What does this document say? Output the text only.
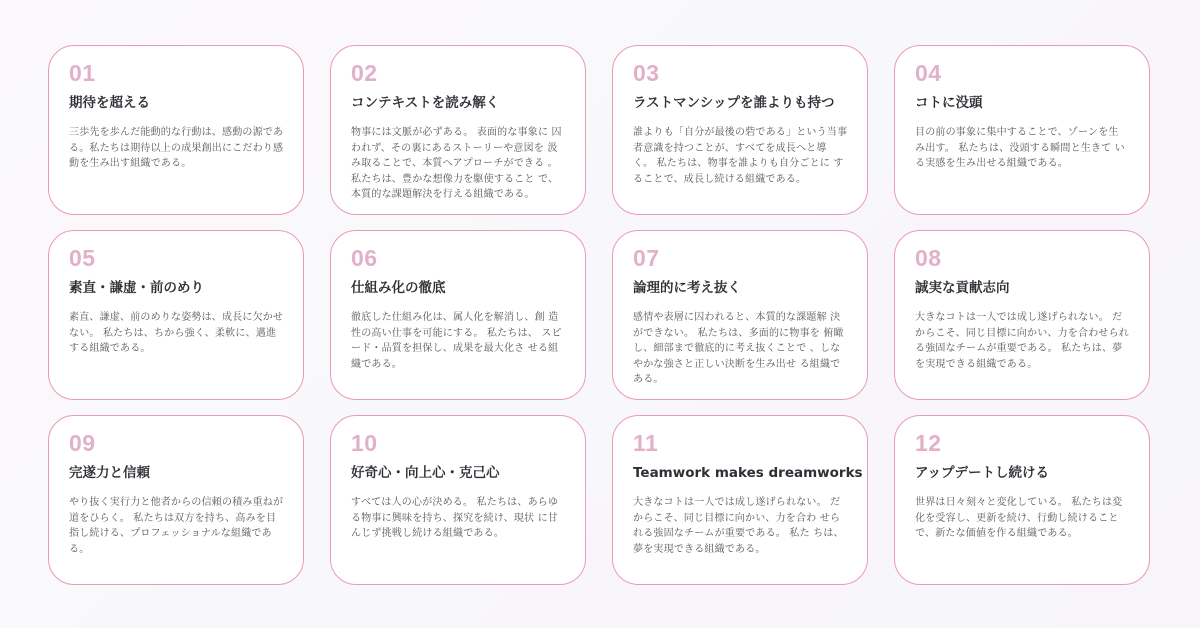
01
期待を超える
三歩先を歩んだ能動的な行動は、感動の源である。私たちは期待以上の成果創出にこだわり感動を生み出す組織である。
02
コンテキストを読み解く
物事には文脈が必ずある。 表面的な事象に 囚われず、その裏にあるストーリーや意図を 汲み取ることで、本質へアプローチができる 。私たちは、豊かな想像力を駆使すること で、本質的な課題解決を行える組織である。
03
ラストマンシップを誰よりも持つ
誰よりも「自分が最後の砦である」という当事者意識を持つことが、すべてを成長へと導 く。 私たちは、物事を誰よりも自分ごとに することで、成長し続ける組織である。
04
コトに没頭
目の前の事象に集中することで、ゾーンを生 み出す。 私たちは、没頭する瞬間と生きて いる実感を生み出せる組織である。
05
素直・謙虚・前のめり
素直、謙虚、前のめりな姿勢は、成長に欠かせない。 私たちは、ちから強く、柔軟に、邁進する組織である。
06
仕組み化の徹底
徹底した仕組み化は、属人化を解消し、創 造性の高い仕事を可能にする。 私たちは、 スピード・品質を担保し、成果を最大化さ せる組織である。
07
論理的に考え抜く
感情や表層に囚われると、本質的な課題解 決ができない。 私たちは、多面的に物事を 俯瞰し、細部まで徹底的に考え抜くことで 、しなやかな強さと正しい決断を生み出せ る組織である。
08
誠実な貢献志向
大きなコトは一人では成し遂げられない。 だからこそ、同じ目標に向かい、力を合わせられる強固なチームが重要である。 私たちは、夢を実現できる組織である。
09
完遂力と信頼
やり抜く実行力と他者からの信頼の積み重ねが道をひらく。 私たちは双方を持ち、高みを目指し続ける、プロフェッショナルな組織である。
10
好奇心・向上心・克己心
すべては人の心が決める。 私たちは、あらゆる物事に興味を持ち、探究を続け、現状 に甘んじず挑戦し続ける組織である。
11
Teamwork makes dreamworks
大きなコトは一人では成し遂げられない。 だからこそ、同じ目標に向かい、力を合わ せられる強固なチームが重要である。 私た ちは、夢を実現できる組織である。
12
アップデートし続ける
世界は日々刻々と変化している。 私たちは変化を受容し、更新を続け、行動し続けることで、新たな価値を作る組織である。
